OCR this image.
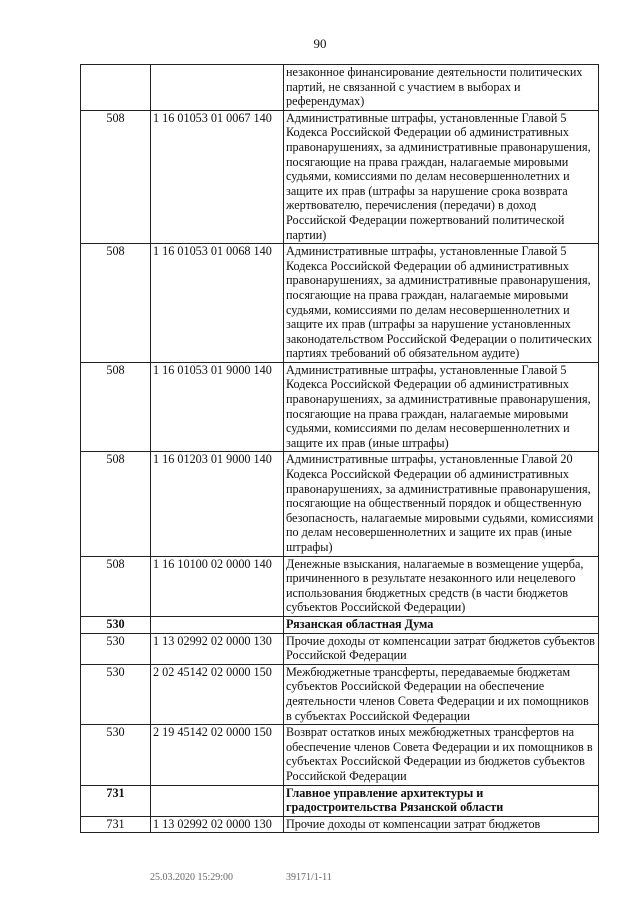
90
		незаконное финансирование деятельности политических партий, не связанной с участием в выборах и референдумах)
508	1 16 01053 01 0067 140	Административные штрафы, установленные Главой 5 Кодекса Российской Федерации об административных правонарушениях, за административные правонарушения, посягающие на права граждан, налагаемые мировыми судьями, комиссиями по делам несовершеннолетних и защите их прав (штрафы за нарушение срока возврата жертвователю, перечисления (передачи) в доход Российской Федерации пожертвований политической партии)
508	1 16 01053 01 0068 140	Административные штрафы, установленные Главой 5 Кодекса Российской Федерации об административных правонарушениях, за административные правонарушения, посягающие на права граждан, налагаемые мировыми судьями, комиссиями по делам несовершеннолетних и защите их прав (штрафы за нарушение установленных законодательством Российской Федерации о политических партиях требований об обязательном аудите)
508	1 16 01053 01 9000 140	Административные штрафы, установленные Главой 5 Кодекса Российской Федерации об административных правонарушениях, за административные правонарушения, посягающие на права граждан, налагаемые мировыми судьями, комиссиями по делам несовершеннолетних и защите их прав (иные штрафы)
508	1 16 01203 01 9000 140	Административные штрафы, установленные Главой 20 Кодекса Российской Федерации об административных правонарушениях, за административные правонарушения, посягающие на общественный порядок и общественную безопасность, налагаемые мировыми судьями, комиссиями по делам несовершеннолетних и защите их прав (иные штрафы)
508	1 16 10100 02 0000 140	Денежные взыскания, налагаемые в возмещение ущерба, причиненного в результате незаконного или нецелевого использования бюджетных средств (в части бюджетов субъектов Российской Федерации)
530		Рязанская областная Дума
530	1 13 02992 02 0000 130	Прочие доходы от компенсации затрат бюджетов субъектов Российской Федерации
530	2 02 45142 02 0000 150	Межбюджетные трансферты, передаваемые бюджетам субъектов Российской Федерации на обеспечение деятельности членов Совета Федерации и их помощников в субъектах Российской Федерации
530	2 19 45142 02 0000 150	Возврат остатков иных межбюджетных трансфертов на обеспечение членов Совета Федерации и их помощников в субъектах Российской Федерации из бюджетов субъектов Российской Федерации
731		Главное управление архитектуры и градостроительства Рязанской области
731	1 13 02992 02 0000 130	Прочие доходы от компенсации затрат бюджетов
25.03.2020 15:29:00	39171/1-11
